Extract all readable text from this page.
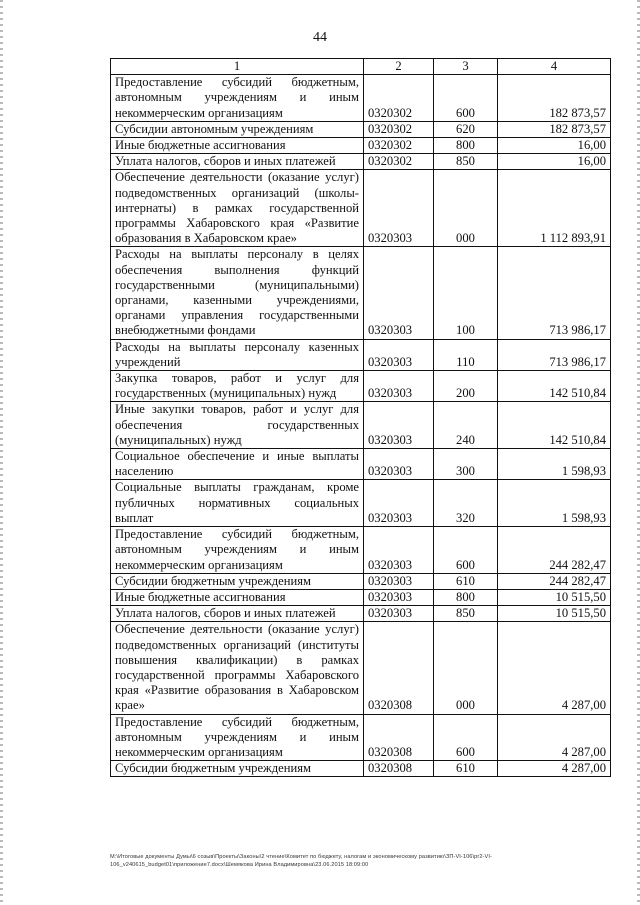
44
1	2	3	4
Предоставление субсидий бюджетным, автономным учреждениям и иным некоммерческим организациям	0320302	600	182 873,57
Субсидии автономным учреждениям	0320302	620	182 873,57
Иные бюджетные ассигнования	0320302	800	16,00
Уплата налогов, сборов и иных платежей	0320302	850	16,00
Обеспечение деятельности (оказание услуг) подведомственных организаций (школы-интернаты) в рамках государственной программы Хабаровского края «Развитие образования в Хабаровском крае»	0320303	000	1 112 893,91
Расходы на выплаты персоналу в целях обеспечения выполнения функций государственными (муниципальными) органами, казенными учреждениями, органами управления государственными внебюджетными фондами	0320303	100	713 986,17
Расходы на выплаты персоналу казенных учреждений	0320303	110	713 986,17
Закупка товаров, работ и услуг для государственных (муниципальных) нужд	0320303	200	142 510,84
Иные закупки товаров, работ и услуг для обеспечения государственных (муниципальных) нужд	0320303	240	142 510,84
Социальное обеспечение и иные выплаты населению	0320303	300	1 598,93
Социальные выплаты гражданам, кроме публичных нормативных социальных выплат	0320303	320	1 598,93
Предоставление субсидий бюджетным, автономным учреждениям и иным некоммерческим организациям	0320303	600	244 282,47
Субсидии бюджетным учреждениям	0320303	610	244 282,47
Иные бюджетные ассигнования	0320303	800	10 515,50
Уплата налогов, сборов и иных платежей	0320303	850	10 515,50
Обеспечение деятельности (оказание услуг) подведомственных организаций (институты повышения квалификации) в рамках государственной программы Хабаровского края «Развитие образования в Хабаровском крае»	0320308	000	4 287,00
Предоставление субсидий бюджетным, автономным учреждениям и иным некоммерческим организациям	0320308	600	4 287,00
Субсидии бюджетным учреждениям	0320308	610	4 287,00
M:\Итоговые документы Думы\6 созыв\Проекты\Законы\2 чтение\Комитет по бюджету, налогам и экономическому развитию\ЗП-VI-106\pr2-VI-106_v240615_budget01\приложение7.docx\Шемякова Ирина Владимировна\23.06.2015 18:09:00
